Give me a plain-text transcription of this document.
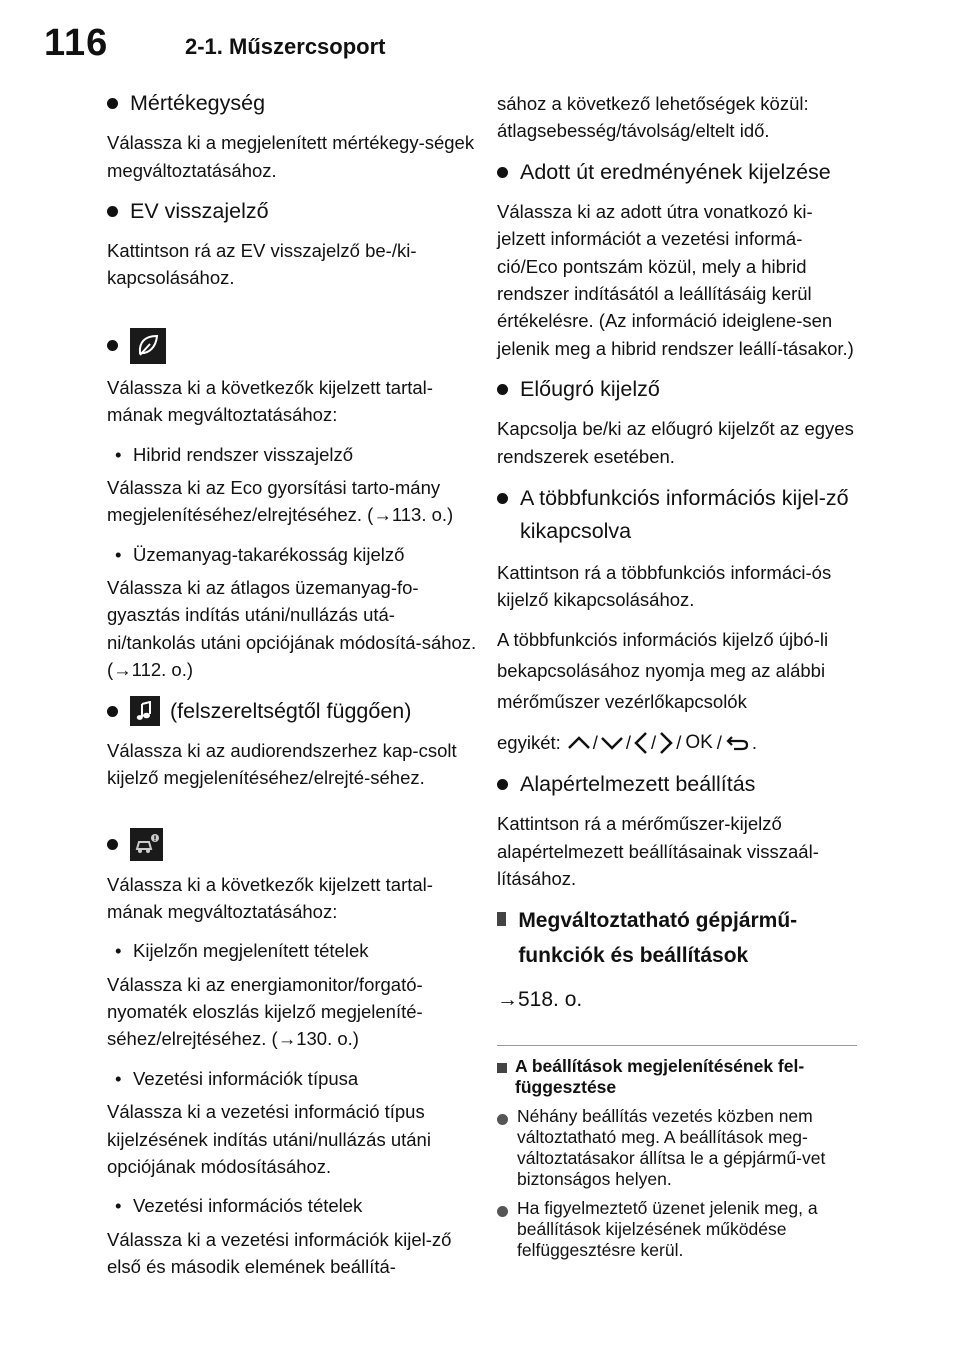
116	2-1. Műszercsoport
Mértékegység

Válassza ki a megjelenített mértékegy-ségek megváltoztatásához.

EV visszajelző

Kattintson rá az EV visszajelző be-/ki-kapcsolásához.

Válassza ki a következők kijelzett tartal-mának megváltoztatásához:

• Hibrid rendszer visszajelző

Válassza ki az Eco gyorsítási tarto-mány megjelenítéséhez/elrejtéséhez. (→113. o.)

• Üzemanyag-takarékosság kijelző

Válassza ki az átlagos üzemanyag-fo-gyasztás indítás utáni/nullázás utá-ni/tankolás utáni opciójának módosítá-sához. (→112. o.)

(felszereltségtől függően)

Válassza ki az audiorendszerhez kap-csolt kijelző megjelenítéséhez/elrejté-séhez.

Válassza ki a következők kijelzett tartal-mának megváltoztatásához:

• Kijelzőn megjelenített tételek

Válassza ki az energiamonitor/forgató-nyomaték eloszlás kijelző megjeleníté-séhez/elrejtéséhez. (→130. o.)

• Vezetési információk típusa

Válassza ki a vezetési információ típus kijelzésének indítás utáni/nullázás utáni opciójának módosításához.

• Vezetési információs tételek

Válassza ki a vezetési információk kijel-ző első és második elemének beállítá-

sához a következő lehetőségek közül: átlagsebesség/távolság/eltelt idő.

Adott út eredményének kijelzése

Válassza ki az adott útra vonatkozó ki-jelzett információt a vezetési informá-ció/Eco pontszám közül, mely a hibrid rendszer indításától a leállításáig kerül értékelésre. (Az információ ideiglene-sen jelenik meg a hibrid rendszer leállí-tásakor.)

Előugró kijelző

Kapcsolja be/ki az előugró kijelzőt az egyes rendszerek esetében.

A többfunkciós információs kijel-ző kikapcsolva

Kattintson rá a többfunkciós informáci-ós kijelző kikapcsolásához.

A többfunkciós információs kijelző újbó-li bekapcsolásához nyomja meg az alábbi mérőműszer vezérlőkapcsolók

egyikét: / / / / OK / .

Alapértelmezett beállítás

Kattintson rá a mérőműszer-kijelző alapértelmezett beállításainak visszaál-lításához.

Megváltoztatható gépjármű-funkciók és beállítások

→518. o.

A beállítások megjelenítésének fel-függesztése
Néhány beállítás vezetés közben nem változtatható meg. A beállítások meg-változtatásakor állítsa le a gépjármű-vet biztonságos helyen.
Ha figyelmeztető üzenet jelenik meg, a beállítások kijelzésének működése felfüggesztésre kerül.
